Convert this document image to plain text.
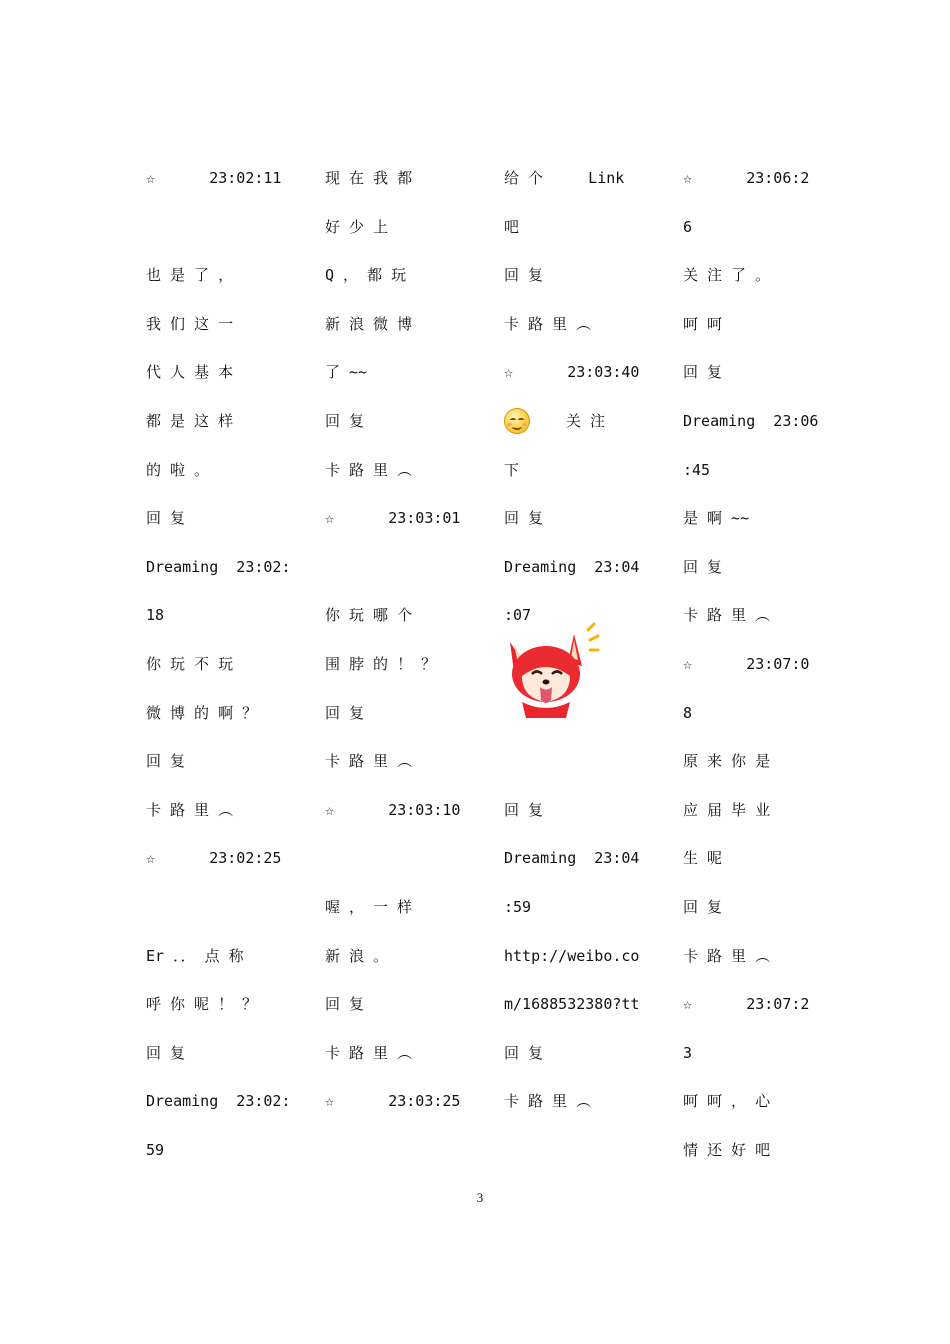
☆      23:02:11
也 是 了 ，
我 们 这 一
代 人 基 本
都 是 这 样
的 啦 。
回 复
Dreaming  23:02:
18
你 玩 不 玩
微 博 的 啊 ？
回 复
卡 路 里 ︵
☆      23:02:25
Er ．． 点 称
呼 你 呢 ！ ？
回 复
Dreaming  23:02:
59
现 在 我 都
好 少 上
Q ， 都 玩
新 浪 微 博
了 ~~
回 复
卡 路 里 ︵
☆      23:03:01
你 玩 哪 个
围 脖 的 ！ ？
回 复
卡 路 里 ︵
☆      23:03:10
喔 ， 一 样
新 浪 。
回 复
卡 路 里 ︵
☆      23:03:25
给 个     Link
吧
回 复
卡 路 里 ︵
☆      23:03:40
关 注
下
回 复
Dreaming  23:04
:07
回 复
Dreaming  23:04
:59
http://weibo.co
m/1688532380?tt
回 复
卡 路 里 ︵
☆      23:06:2
6
关 注 了 。
呵 呵
回 复
Dreaming  23:06
:45
是 啊 ~~
回 复
卡 路 里 ︵
☆      23:07:0
8
原 来 你 是
应 届 毕 业
生 呢
回 复
卡 路 里 ︵
☆      23:07:2
3
呵 呵 ， 心
情 还 好 吧
3
